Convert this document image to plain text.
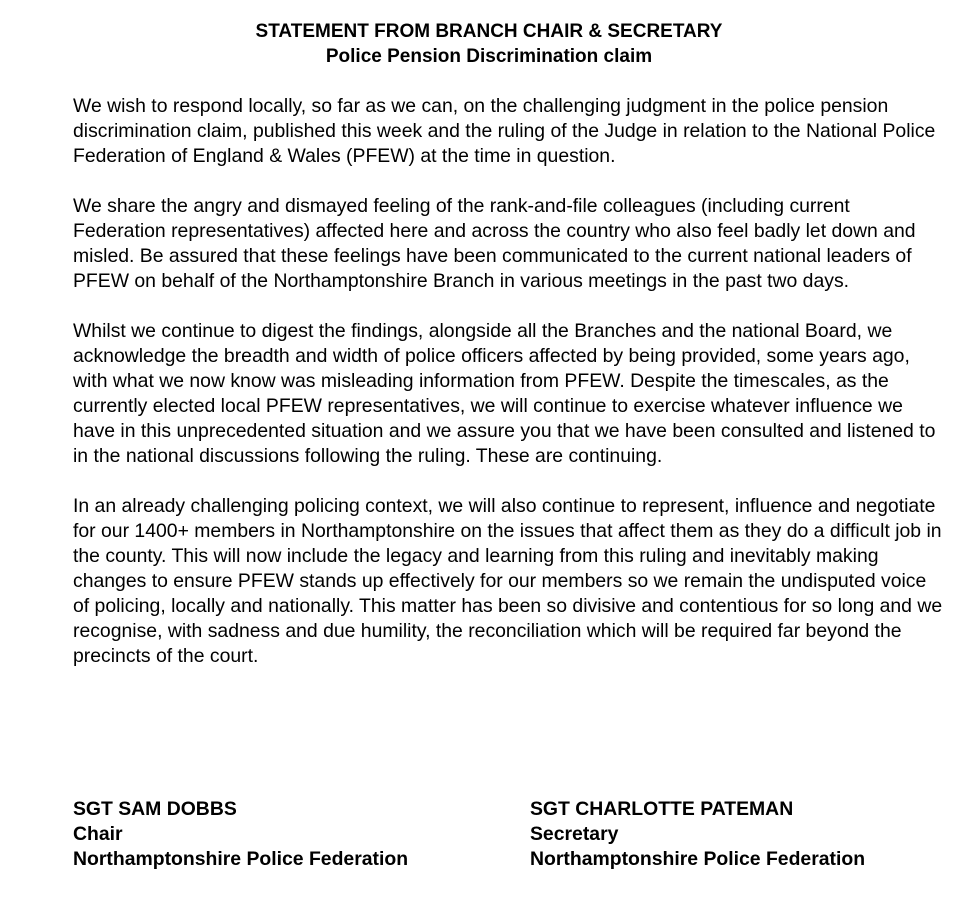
STATEMENT FROM BRANCH CHAIR & SECRETARY
Police Pension Discrimination claim

We wish to respond locally, so far as we can, on the challenging judgment in the police pension discrimination claim, published this week and the ruling of the Judge in relation to the National Police Federation of England & Wales (PFEW) at the time in question.

We share the angry and dismayed feeling of the rank-and-file colleagues (including current Federation representatives) affected here and across the country who also feel badly let down and misled. Be assured that these feelings have been communicated to the current national leaders of PFEW on behalf of the Northamptonshire Branch in various meetings in the past two days.

Whilst we continue to digest the findings, alongside all the Branches and the national Board, we acknowledge the breadth and width of police officers affected by being provided, some years ago, with what we now know was misleading information from PFEW. Despite the timescales, as the currently elected local PFEW representatives, we will continue to exercise whatever influence we have in this unprecedented situation and we assure you that we have been consulted and listened to in the national discussions following the ruling. These are continuing.

In an already challenging policing context, we will also continue to represent, influence and negotiate for our 1400+ members in Northamptonshire on the issues that affect them as they do a difficult job in the county. This will now include the legacy and learning from this ruling and inevitably making changes to ensure PFEW stands up effectively for our members so we remain the undisputed voice of policing, locally and nationally. This matter has been so divisive and contentious for so long and we recognise, with sadness and due humility, the reconciliation which will be required far beyond the precincts of the court.

SGT SAM DOBBS
Chair
Northamptonshire Police Federation
SGT CHARLOTTE PATEMAN
Secretary
Northamptonshire Police Federation
